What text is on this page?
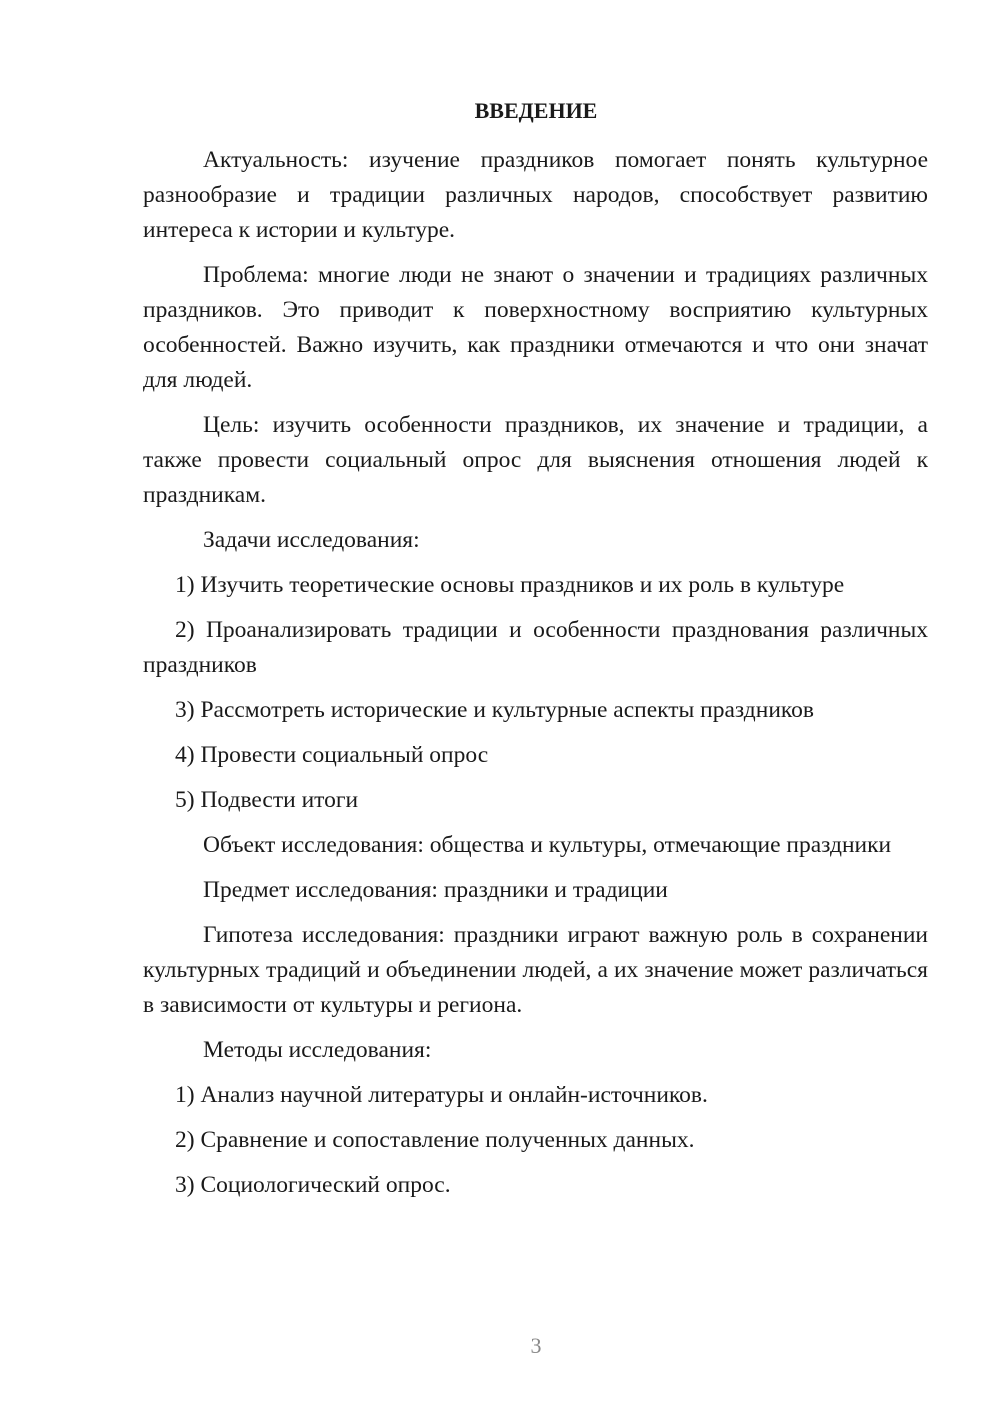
ВВЕДЕНИЕ

Актуальность: изучение праздников помогает понять культурное разнообразие и традиции различных народов, способствует развитию интереса к истории и культуре.

Проблема: многие люди не знают о значении и традициях различных праздников. Это приводит к поверхностному восприятию культурных особенностей. Важно изучить, как праздники отмечаются и что они значат для людей.

Цель: изучить особенности праздников, их значение и традиции, а также провести социальный опрос для выяснения отношения людей к праздникам.

Задачи исследования:

1) Изучить теоретические основы праздников и их роль в культуре

2) Проанализировать традиции и особенности празднования различных праздников

3) Рассмотреть исторические и культурные аспекты праздников

4) Провести социальный опрос

5) Подвести итоги

Объект исследования: общества и культуры, отмечающие праздники

Предмет исследования: праздники и традиции

Гипотеза исследования: праздники играют важную роль в сохранении культурных традиций и объединении людей, а их значение может различаться в зависимости от культуры и региона.

Методы исследования:

1) Анализ научной литературы и онлайн-источников.

2) Сравнение и сопоставление полученных данных.

3) Социологический опрос.

3
